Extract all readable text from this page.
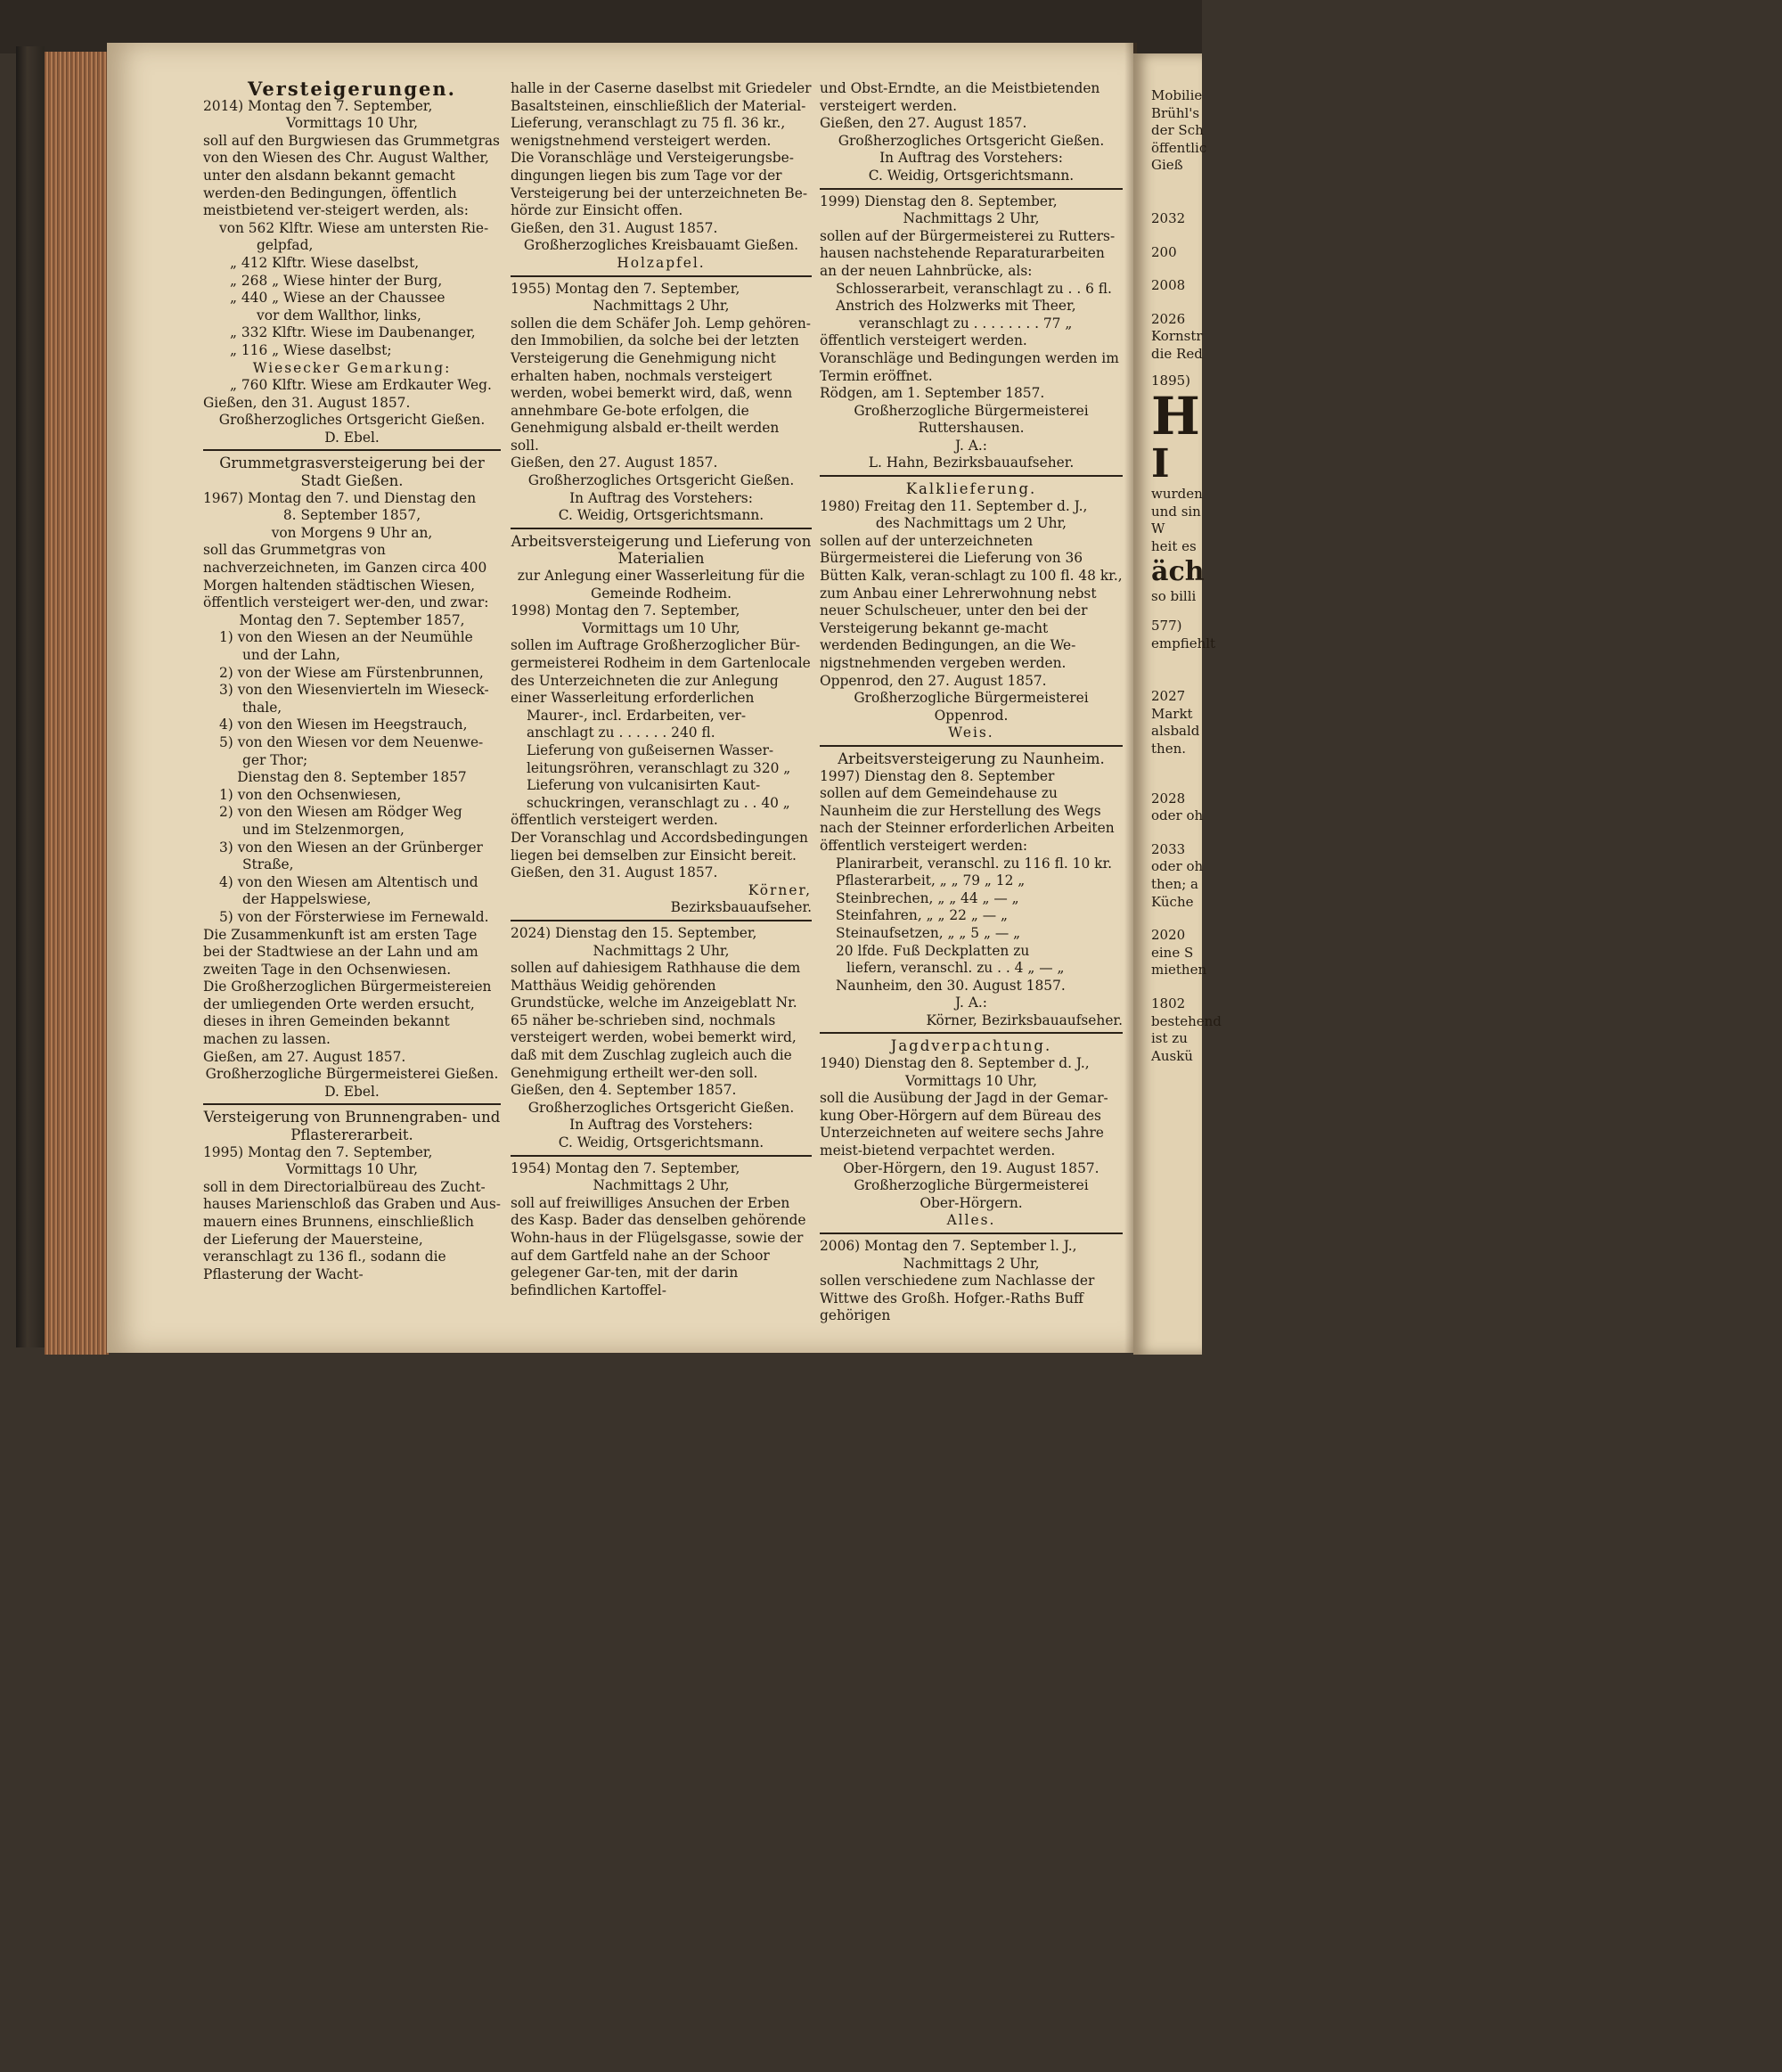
Versteigerungen.

2014) Montag den 7. September,

Vormittags 10 Uhr,

soll auf den Burgwiesen das Grummetgras von den Wiesen des Chr. August Walther, unter den alsdann bekannt gemacht werden-den Bedingungen, öffentlich meistbietend ver-steigert werden, als:

von 562 Klftr. Wiese am untersten Rie-

gelpfad,

„ 412 Klftr. Wiese daselbst,

„ 268 „ Wiese hinter der Burg,

„ 440 „ Wiese an der Chaussee

vor dem Wallthor, links,

„ 332 Klftr. Wiese im Daubenanger,

„ 116 „ Wiese daselbst;

Wiesecker Gemarkung:

„ 760 Klftr. Wiese am Erdkauter Weg.

Gießen, den 31. August 1857.

Großherzogliches Ortsgericht Gießen.

D. Ebel.

Grummetgrasversteigerung bei der Stadt Gießen.

1967) Montag den 7. und Dienstag den

8. September 1857,

von Morgens 9 Uhr an,

soll das Grummetgras von nachverzeichneten, im Ganzen circa 400 Morgen haltenden städtischen Wiesen, öffentlich versteigert wer-den, und zwar:

Montag den 7. September 1857,

1) von den Wiesen an der Neumühle

und der Lahn,

2) von der Wiese am Fürstenbrunnen,

3) von den Wiesenvierteln im Wieseck-

thale,

4) von den Wiesen im Heegstrauch,

5) von den Wiesen vor dem Neuenwe-

ger Thor;

Dienstag den 8. September 1857

1) von den Ochsenwiesen,

2) von den Wiesen am Rödger Weg

und im Stelzenmorgen,

3) von den Wiesen an der Grünberger

Straße,

4) von den Wiesen am Altentisch und

der Happelswiese,

5) von der Försterwiese im Fernewald.

Die Zusammenkunft ist am ersten Tage bei der Stadtwiese an der Lahn und am zweiten Tage in den Ochsenwiesen.

Die Großherzoglichen Bürgermeistereien der umliegenden Orte werden ersucht, dieses in ihren Gemeinden bekannt machen zu lassen.

Gießen, am 27. August 1857.

Großherzogliche Bürgermeisterei Gießen.

D. Ebel.

Versteigerung von Brunnengraben- und Pflastererarbeit.

1995) Montag den 7. September,

Vormittags 10 Uhr,

soll in dem Directorialbüreau des Zucht-hauses Marienschloß das Graben und Aus-mauern eines Brunnens, einschließlich der Lieferung der Mauersteine, veranschlagt zu 136 fl., sodann die Pflasterung der Wacht-

halle in der Caserne daselbst mit Griedeler Basaltsteinen, einschließlich der Material-Lieferung, veranschlagt zu 75 fl. 36 kr., wenigstnehmend versteigert werden.

Die Voranschläge und Versteigerungsbe-dingungen liegen bis zum Tage vor der Versteigerung bei der unterzeichneten Be-hörde zur Einsicht offen.

Gießen, den 31. August 1857.

Großherzogliches Kreisbauamt Gießen.

Holzapfel.

1955) Montag den 7. September,

Nachmittags 2 Uhr,

sollen die dem Schäfer Joh. Lemp gehören-den Immobilien, da solche bei der letzten Versteigerung die Genehmigung nicht erhalten haben, nochmals versteigert werden, wobei bemerkt wird, daß, wenn annehmbare Ge-bote erfolgen, die Genehmigung alsbald er-theilt werden soll.

Gießen, den 27. August 1857.

Großherzogliches Ortsgericht Gießen.

In Auftrag des Vorstehers:

C. Weidig, Ortsgerichtsmann.

Arbeitsversteigerung und Lieferung von Materialien

zur Anlegung einer Wasserleitung für die Gemeinde Rodheim.

1998) Montag den 7. September,

Vormittags um 10 Uhr,

sollen im Auftrage Großherzoglicher Bür-germeisterei Rodheim in dem Gartenlocale des Unterzeichneten die zur Anlegung einer Wasserleitung erforderlichen

Maurer-, incl. Erdarbeiten, ver-

anschlagt zu . . . . . . 240 fl.

Lieferung von gußeisernen Wasser-

leitungsröhren, veranschlagt zu 320 „

Lieferung von vulcanisirten Kaut-

schuckringen, veranschlagt zu . . 40 „

öffentlich versteigert werden.

Der Voranschlag und Accordsbedingungen liegen bei demselben zur Einsicht bereit.

Gießen, den 31. August 1857.

Körner,

Bezirksbauaufseher.

2024) Dienstag den 15. September,

Nachmittags 2 Uhr,

sollen auf dahiesigem Rathhause die dem Matthäus Weidig gehörenden Grundstücke, welche im Anzeigeblatt Nr. 65 näher be-schrieben sind, nochmals versteigert werden, wobei bemerkt wird, daß mit dem Zuschlag zugleich auch die Genehmigung ertheilt wer-den soll.

Gießen, den 4. September 1857.

Großherzogliches Ortsgericht Gießen.

In Auftrag des Vorstehers:

C. Weidig, Ortsgerichtsmann.

1954) Montag den 7. September,

Nachmittags 2 Uhr,

soll auf freiwilliges Ansuchen der Erben des Kasp. Bader das denselben gehörende Wohn-haus in der Flügelsgasse, sowie der auf dem Gartfeld nahe an der Schoor gelegener Gar-ten, mit der darin befindlichen Kartoffel-

und Obst-Erndte, an die Meistbietenden versteigert werden.

Gießen, den 27. August 1857.

Großherzogliches Ortsgericht Gießen.

In Auftrag des Vorstehers:

C. Weidig, Ortsgerichtsmann.

1999) Dienstag den 8. September,

Nachmittags 2 Uhr,

sollen auf der Bürgermeisterei zu Rutters-hausen nachstehende Reparaturarbeiten an der neuen Lahnbrücke, als:

Schlosserarbeit, veranschlagt zu . . 6 fl.

Anstrich des Holzwerks mit Theer,

veranschlagt zu . . . . . . . . 77 „

öffentlich versteigert werden.

Voranschläge und Bedingungen werden im Termin eröffnet.

Rödgen, am 1. September 1857.

Großherzogliche Bürgermeisterei

Ruttershausen.

J. A.:

L. Hahn, Bezirksbauaufseher.

Kalklieferung.

1980) Freitag den 11. September d. J.,

des Nachmittags um 2 Uhr,

sollen auf der unterzeichneten Bürgermeisterei die Lieferung von 36 Bütten Kalk, veran-schlagt zu 100 fl. 48 kr., zum Anbau einer Lehrerwohnung nebst neuer Schulscheuer, unter den bei der Versteigerung bekannt ge-macht werdenden Bedingungen, an die We-nigstnehmenden vergeben werden.

Oppenrod, den 27. August 1857.

Großherzogliche Bürgermeisterei Oppenrod.

Weis.

Arbeitsversteigerung zu Naunheim.

1997) Dienstag den 8. September

sollen auf dem Gemeindehause zu Naunheim die zur Herstellung des Wegs nach der Steinner erforderlichen Arbeiten öffentlich versteigert werden:

Planirarbeit, veranschl. zu 116 fl. 10 kr.

Pflasterarbeit, „ „ 79 „ 12 „

Steinbrechen, „ „ 44 „ — „

Steinfahren, „ „ 22 „ — „

Steinaufsetzen, „ „ 5 „ — „

20 lfde. Fuß Deckplatten zu

liefern, veranschl. zu . . 4 „ — „

Naunheim, den 30. August 1857.

J. A.:

Körner, Bezirksbauaufseher.

Jagdverpachtung.

1940) Dienstag den 8. September d. J.,

Vormittags 10 Uhr,

soll die Ausübung der Jagd in der Gemar-kung Ober-Hörgern auf dem Büreau des Unterzeichneten auf weitere sechs Jahre meist-bietend verpachtet werden.

Ober-Hörgern, den 19. August 1857.

Großherzogliche Bürgermeisterei

Ober-Hörgern.

Alles.

2006) Montag den 7. September l. J.,

Nachmittags 2 Uhr,

sollen verschiedene zum Nachlasse der Wittwe des Großh. Hofger.-Raths Buff gehörigen

Mobilie

Brühl's

der Sch

öffentlic

Gieß

2032

200

2008

2026

Kornstr

die Red

1895)

H

I

wurden

und sin

W

heit es

äch

so billi

577)

empfiehlt

2027

Markt

alsbald

then.

2028

oder oh

2033

oder oh

then; a

Küche

2020

eine S

miethen

1802

bestehend

ist zu

Auskü
